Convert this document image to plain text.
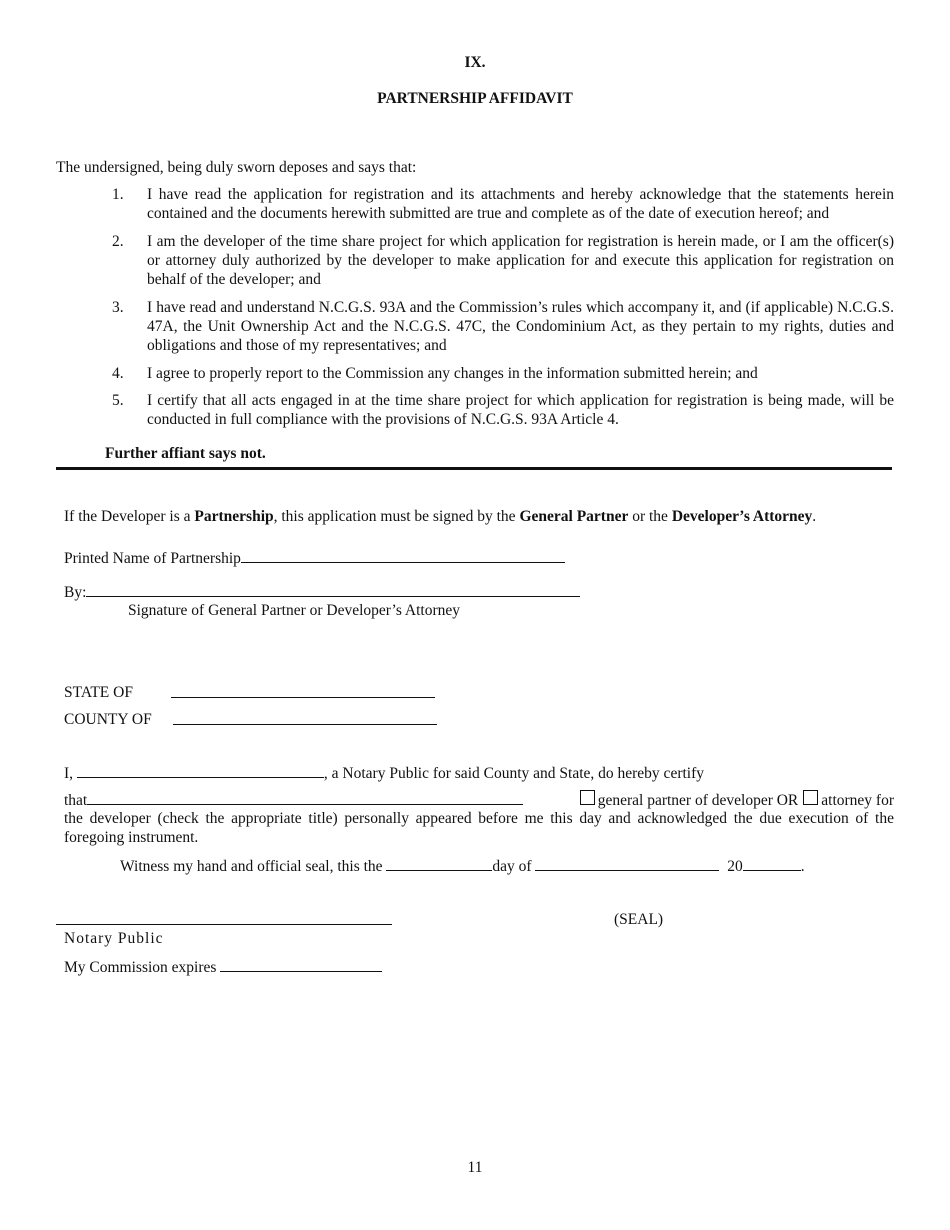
IX.
PARTNERSHIP AFFIDAVIT
The undersigned, being duly sworn deposes and says that:
1. I have read the application for registration and its attachments and hereby acknowledge that the statements herein contained and the documents herewith submitted are true and complete as of the date of execution hereof; and
2. I am the developer of the time share project for which application for registration is herein made, or I am the officer(s) or attorney duly authorized by the developer to make application for and execute this application for registration on behalf of the developer; and
3. I have read and understand N.C.G.S. 93A and the Commission’s rules which accompany it, and (if applicable) N.C.G.S. 47A, the Unit Ownership Act and the N.C.G.S. 47C, the Condominium Act, as they pertain to my rights, duties and obligations and those of my representatives; and
4. I agree to properly report to the Commission any changes in the information submitted herein; and
5. I certify that all acts engaged in at the time share project for which application for registration is being made, will be conducted in full compliance with the provisions of N.C.G.S. 93A Article 4.
Further affiant says not.
If the Developer is a Partnership, this application must be signed by the General Partner or the Developer’s Attorney.
Printed Name of Partnership
By:
Signature of General Partner or Developer’s Attorney
STATE OF
COUNTY OF
I,	, a Notary Public for said County and State, do hereby certify
that	general partner of developer OR attorney for
the developer (check the appropriate title) personally appeared before me this day and acknowledged the due execution of the foregoing instrument.
Witness my hand and official seal, this the	day of	20	.
(SEAL)
Notary Public
My Commission expires
11
